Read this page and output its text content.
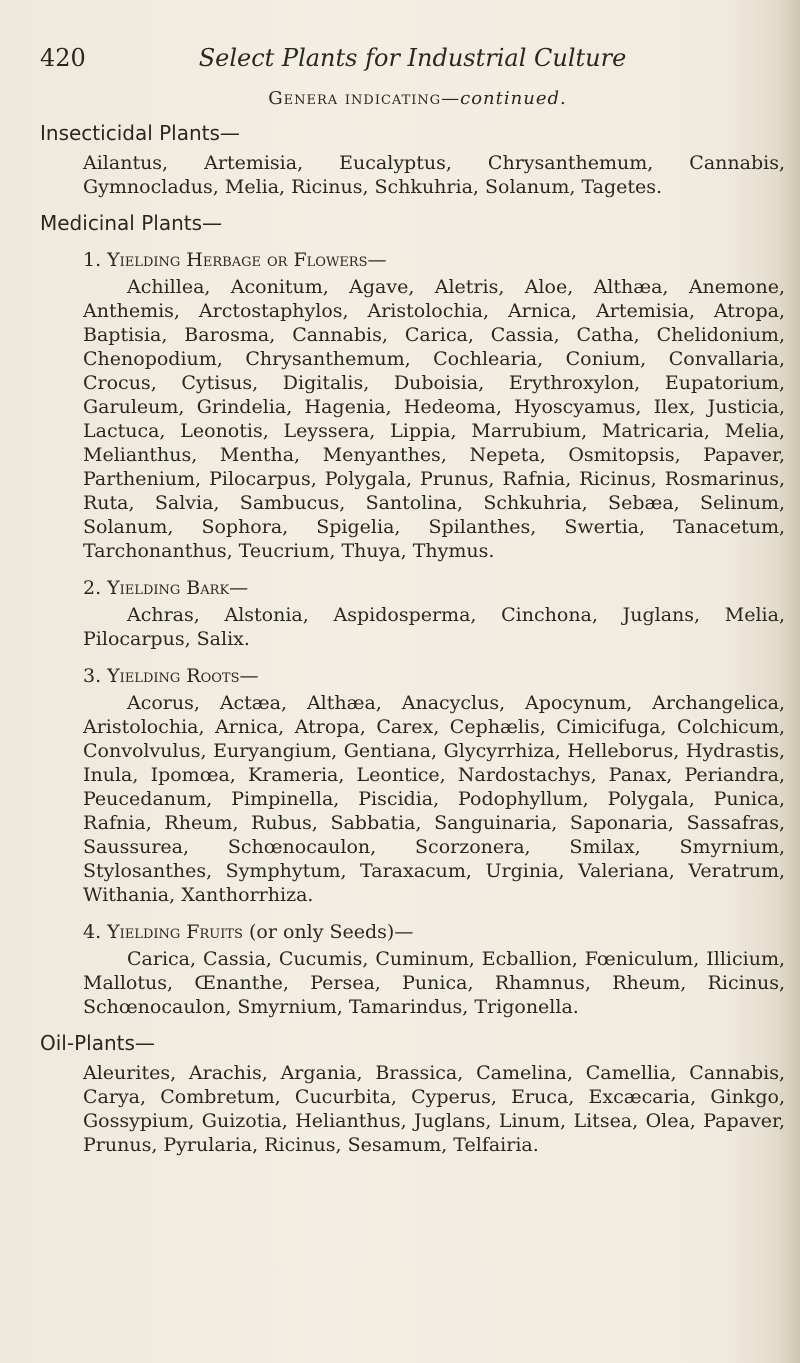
420	Select Plants for Industrial Culture
Genera indicating—continued.
Insecticidal Plants—

Ailantus, Artemisia, Eucalyptus, Chrysanthemum, Cannabis, Gymnocladus, Melia, Ricinus, Schkuhria, Solanum, Tagetes.

Medicinal Plants—
1. Yielding Herbage or Flowers—

Achillea, Aconitum, Agave, Aletris, Aloe, Althæa, Anemone, Anthemis, Arctostaphylos, Aristolochia, Arnica, Artemisia, Atropa, Baptisia, Barosma, Cannabis, Carica, Cassia, Catha, Chelidonium, Chenopodium, Chrysanthemum, Cochlearia, Conium, Convallaria, Crocus, Cytisus, Digitalis, Duboisia, Erythroxylon, Eupatorium, Garuleum, Grindelia, Hagenia, Hedeoma, Hyoscyamus, Ilex, Justicia, Lactuca, Leonotis, Leyssera, Lippia, Marrubium, Matricaria, Melia, Melianthus, Mentha, Menyanthes, Nepeta, Osmitopsis, Papaver, Parthenium, Pilocarpus, Polygala, Prunus, Rafnia, Ricinus, Rosmarinus, Ruta, Salvia, Sambucus, Santolina, Schkuhria, Sebæa, Selinum, Solanum, Sophora, Spigelia, Spilanthes, Swertia, Tanacetum, Tarchonanthus, Teucrium, Thuya, Thymus.

2. Yielding Bark—

Achras, Alstonia, Aspidosperma, Cinchona, Juglans, Melia, Pilocarpus, Salix.

3. Yielding Roots—

Acorus, Actæa, Althæa, Anacyclus, Apocynum, Archangelica, Aristolochia, Arnica, Atropa, Carex, Cephælis, Cimicifuga, Colchicum, Convolvulus, Euryangium, Gentiana, Glycyrrhiza, Helleborus, Hydrastis, Inula, Ipomœa, Krameria, Leontice, Nardostachys, Panax, Periandra, Peucedanum, Pimpinella, Piscidia, Podophyllum, Polygala, Punica, Rafnia, Rheum, Rubus, Sabbatia, Sanguinaria, Saponaria, Sassafras, Saussurea, Schœnocaulon, Scorzonera, Smilax, Smyrnium, Stylosanthes, Symphytum, Taraxacum, Urginia, Valeriana, Veratrum, Withania, Xanthorrhiza.

4. Yielding Fruits (or only Seeds)—

Carica, Cassia, Cucumis, Cuminum, Ecballion, Fœniculum, Illicium, Mallotus, Œnanthe, Persea, Punica, Rhamnus, Rheum, Ricinus, Schœnocaulon, Smyrnium, Tamarindus, Trigonella.

Oil-Plants—

Aleurites, Arachis, Argania, Brassica, Camelina, Camellia, Cannabis, Carya, Combretum, Cucurbita, Cyperus, Eruca, Excæcaria, Ginkgo, Gossypium, Guizotia, Helianthus, Juglans, Linum, Litsea, Olea, Papaver, Prunus, Pyrularia, Ricinus, Sesamum, Telfairia.
